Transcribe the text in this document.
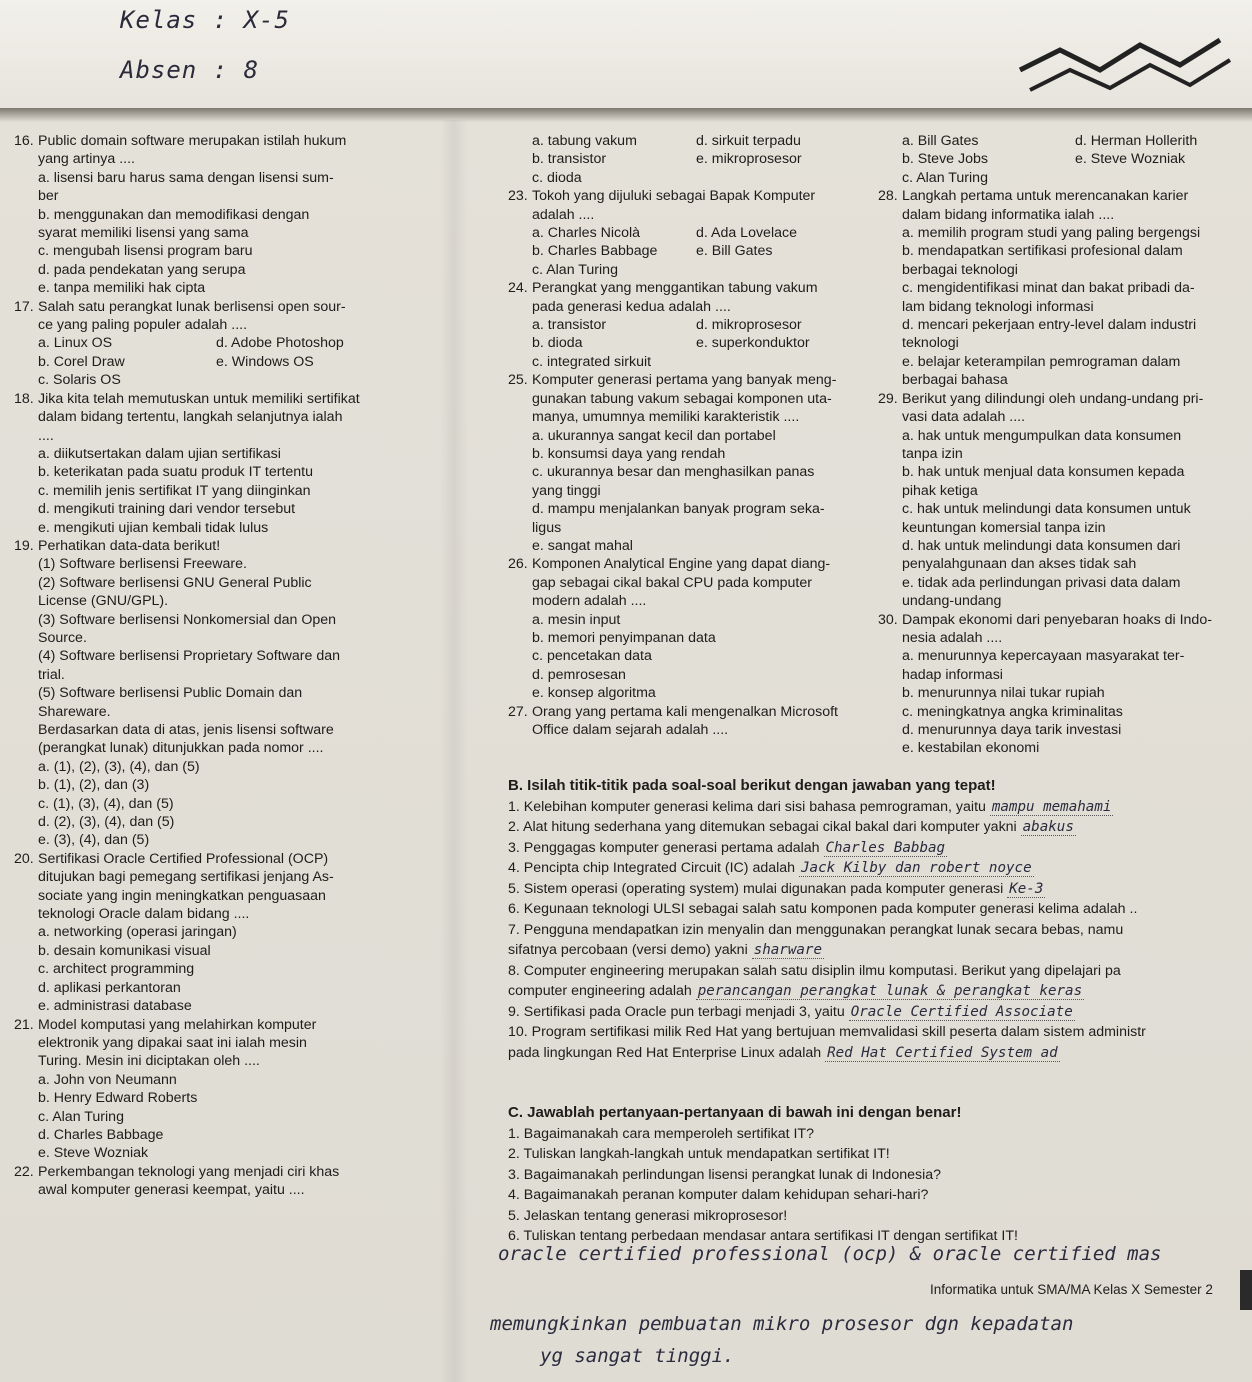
Kelas : X-5
Absen : 8
16. Public domain software merupakan istilah hukum
yang artinya ....
a. lisensi baru harus sama dengan lisensi sum-
ber
b. menggunakan dan memodifikasi dengan
syarat memiliki lisensi yang sama
c. mengubah lisensi program baru
d. pada pendekatan yang serupa
e. tanpa memiliki hak cipta
17. Salah satu perangkat lunak berlisensi open sour-
ce yang paling populer adalah ....
a. Linux OS	d. Adobe Photoshop
b. Corel Draw	e. Windows OS
c. Solaris OS
18. Jika kita telah memutuskan untuk memiliki sertifikat
dalam bidang tertentu, langkah selanjutnya ialah
....
a. diikutsertakan dalam ujian sertifikasi
b. keterikatan pada suatu produk IT tertentu
c. memilih jenis sertifikat IT yang diinginkan
d. mengikuti training dari vendor tersebut
e. mengikuti ujian kembali tidak lulus
19. Perhatikan data-data berikut!
(1) Software berlisensi Freeware.
(2) Software berlisensi GNU General Public
License (GNU/GPL).
(3) Software berlisensi Nonkomersial dan Open
Source.
(4) Software berlisensi Proprietary Software dan
trial.
(5) Software berlisensi Public Domain dan
Shareware.
Berdasarkan data di atas, jenis lisensi software
(perangkat lunak) ditunjukkan pada nomor ....
a. (1), (2), (3), (4), dan (5)
b. (1), (2), dan (3)
c. (1), (3), (4), dan (5)
d. (2), (3), (4), dan (5)
e. (3), (4), dan (5)
20. Sertifikasi Oracle Certified Professional (OCP)
ditujukan bagi pemegang sertifikasi jenjang As-
sociate yang ingin meningkatkan penguasaan
teknologi Oracle dalam bidang ....
a. networking (operasi jaringan)
b. desain komunikasi visual
c. architect programming
d. aplikasi perkantoran
e. administrasi database
21. Model komputasi yang melahirkan komputer
elektronik yang dipakai saat ini ialah mesin
Turing. Mesin ini diciptakan oleh ....
a. John von Neumann
b. Henry Edward Roberts
c. Alan Turing
d. Charles Babbage
e. Steve Wozniak
22. Perkembangan teknologi yang menjadi ciri khas
awal komputer generasi keempat, yaitu ....
a. tabung vakum	d. sirkuit terpadu
b. transistor	e. mikroprosesor
c. dioda
23. Tokoh yang dijuluki sebagai Bapak Komputer
adalah ....
a. Charles Nicolà	d. Ada Lovelace
b. Charles Babbage	e. Bill Gates
c. Alan Turing
24. Perangkat yang menggantikan tabung vakum
pada generasi kedua adalah ....
a. transistor	d. mikroprosesor
b. dioda	e. superkonduktor
c. integrated sirkuit
25. Komputer generasi pertama yang banyak meng-
gunakan tabung vakum sebagai komponen uta-
manya, umumnya memiliki karakteristik ....
a. ukurannya sangat kecil dan portabel
b. konsumsi daya yang rendah
c. ukurannya besar dan menghasilkan panas
yang tinggi
d. mampu menjalankan banyak program seka-
ligus
e. sangat mahal
26. Komponen Analytical Engine yang dapat diang-
gap sebagai cikal bakal CPU pada komputer
modern adalah ....
a. mesin input
b. memori penyimpanan data
c. pencetakan data
d. pemrosesan
e. konsep algoritma
27. Orang yang pertama kali mengenalkan Microsoft
Office dalam sejarah adalah ....
a. Bill Gates	d. Herman Hollerith
b. Steve Jobs	e. Steve Wozniak
c. Alan Turing
28. Langkah pertama untuk merencanakan karier
dalam bidang informatika ialah ....
a. memilih program studi yang paling bergengsi
b. mendapatkan sertifikasi profesional dalam
berbagai teknologi
c. mengidentifikasi minat dan bakat pribadi da-
lam bidang teknologi informasi
d. mencari pekerjaan entry-level dalam industri
teknologi
e. belajar keterampilan pemrograman dalam
berbagai bahasa
29. Berikut yang dilindungi oleh undang-undang pri-
vasi data adalah ....
a. hak untuk mengumpulkan data konsumen
tanpa izin
b. hak untuk menjual data konsumen kepada
pihak ketiga
c. hak untuk melindungi data konsumen untuk
keuntungan komersial tanpa izin
d. hak untuk melindungi data konsumen dari
penyalahgunaan dan akses tidak sah
e. tidak ada perlindungan privasi data dalam
undang-undang
30. Dampak ekonomi dari penyebaran hoaks di Indo-
nesia adalah ....
a. menurunnya kepercayaan masyarakat ter-
hadap informasi
b. menurunnya nilai tukar rupiah
c. meningkatnya angka kriminalitas
d. menurunnya daya tarik investasi
e. kestabilan ekonomi
B. Isilah titik-titik pada soal-soal berikut dengan jawaban yang tepat!
1. Kelebihan komputer generasi kelima dari sisi bahasa pemrograman, yaitu mampu memahami
2. Alat hitung sederhana yang ditemukan sebagai cikal bakal dari komputer yakni abakus
3. Penggagas komputer generasi pertama adalah Charles Babbag
4. Pencipta chip Integrated Circuit (IC) adalah Jack Kilby dan robert noyce
5. Sistem operasi (operating system) mulai digunakan pada komputer generasi Ke-3
6. Kegunaan teknologi ULSI sebagai salah satu komponen pada komputer generasi kelima adalah ..
7. Pengguna mendapatkan izin menyalin dan menggunakan perangkat lunak secara bebas, namu
sifatnya percobaan (versi demo) yakni sharware
8. Computer engineering merupakan salah satu disiplin ilmu komputasi. Berikut yang dipelajari pa
computer engineering adalah perancangan perangkat lunak & perangkat keras
9. Sertifikasi pada Oracle pun terbagi menjadi 3, yaitu Oracle Certified Associate
10. Program sertifikasi milik Red Hat yang bertujuan memvalidasi skill peserta dalam sistem administr
pada lingkungan Red Hat Enterprise Linux adalah Red Hat Certified System ad
C. Jawablah pertanyaan-pertanyaan di bawah ini dengan benar!
1. Bagaimanakah cara memperoleh sertifikat IT?
2. Tuliskan langkah-langkah untuk mendapatkan sertifikat IT!
3. Bagaimanakah perlindungan lisensi perangkat lunak di Indonesia?
4. Bagaimanakah peranan komputer dalam kehidupan sehari-hari?
5. Jelaskan tentang generasi mikroprosesor!
6. Tuliskan tentang perbedaan mendasar antara sertifikasi IT dengan sertifikat IT!
oracle certified professional (ocp) & oracle certified mas
Informatika untuk SMA/MA Kelas X Semester 2
memungkinkan pembuatan mikro prosesor dgn kepadatan
yg sangat tinggi.
